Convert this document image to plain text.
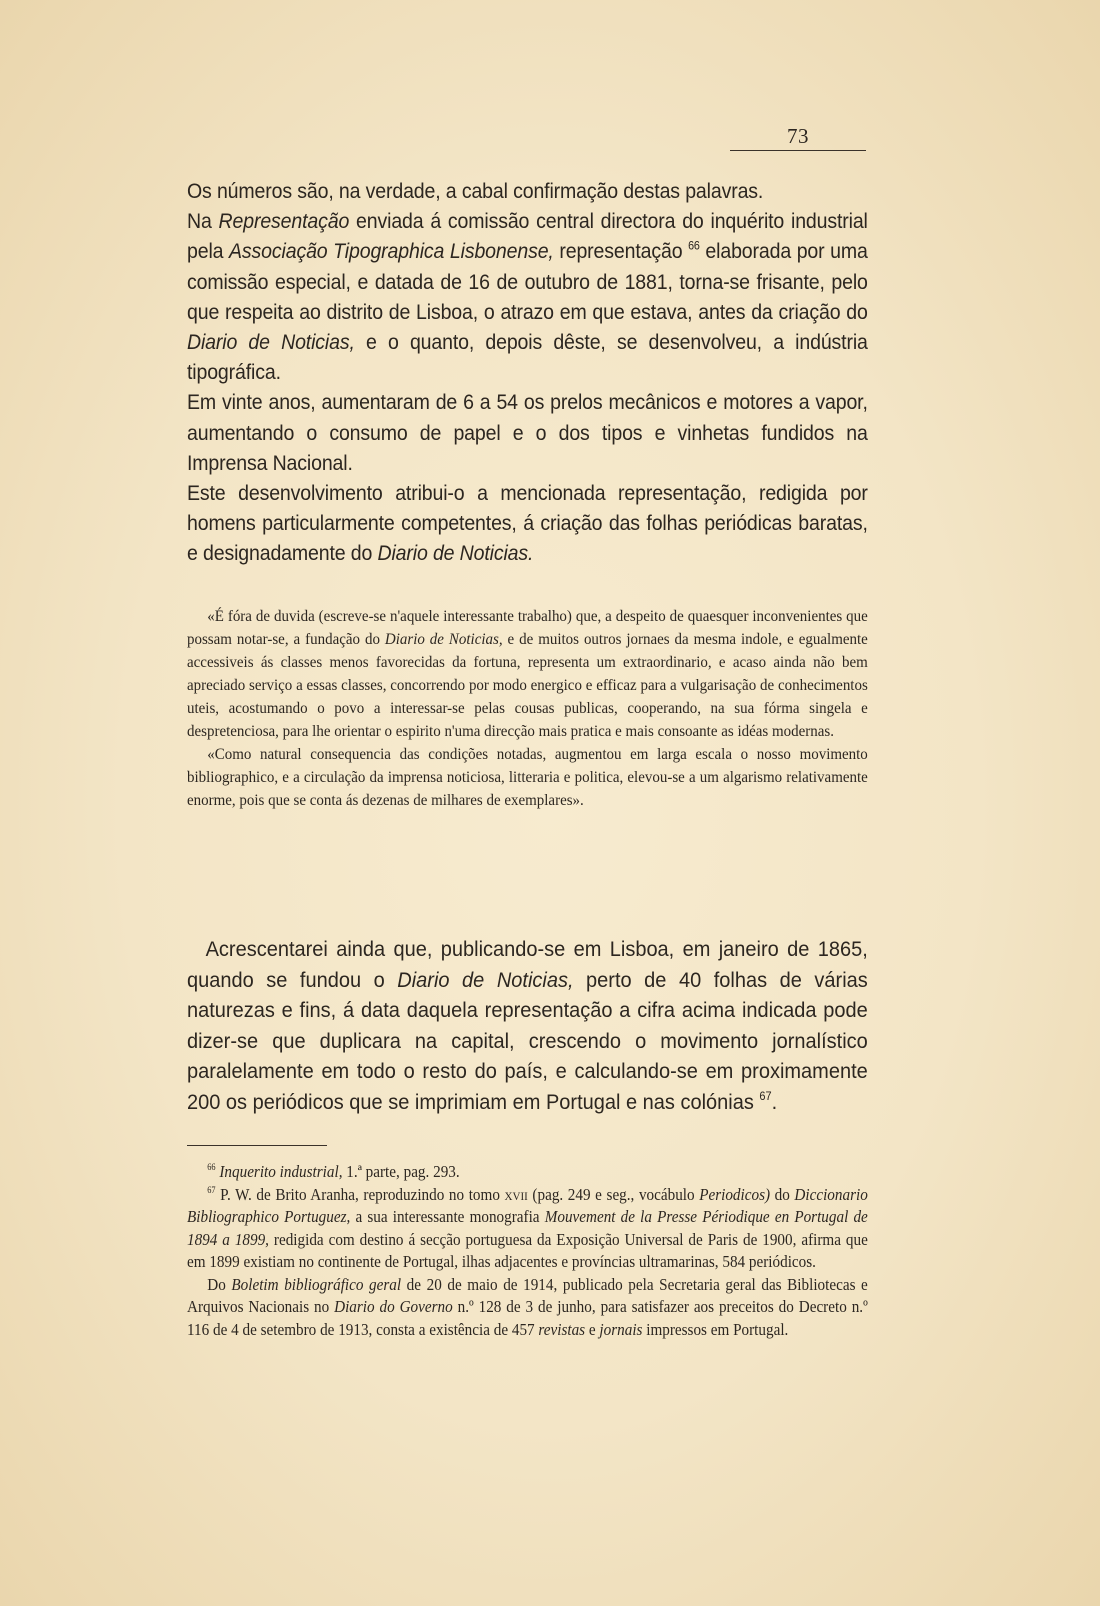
73

Os números são, na verdade, a cabal confirmação destas palavras.

Na Representação enviada á comissão central directora do inquérito industrial pela Associação Tipographica Lisbonense, representação $^{66}$ elaborada por uma comissão especial, e datada de 16 de outubro de 1881, torna-se frisante, pelo que respeita ao distrito de Lisboa, o atrazo em que estava, antes da criação do Diario de Noticias, e o quanto, depois dêste, se desenvolveu, a indústria tipográfica.

Em vinte anos, aumentaram de 6 a 54 os prelos mecânicos e motores a vapor, aumentando o consumo de papel e o dos tipos e vinhetas fundidos na Imprensa Nacional.

Este desenvolvimento atribui-o a mencionada representação, redigida por homens particularmente competentes, á criação das folhas periódicas baratas, e designadamente do Diario de Noticias.

«É fóra de duvida (escreve-se n'aquele interessante trabalho) que, a despeito de quaesquer inconvenientes que possam notar-se, a fundação do Diario de Noticias, e de muitos outros jornaes da mesma indole, e egualmente accessiveis ás classes menos favorecidas da fortuna, representa um extraordinario, e acaso ainda não bem apreciado serviço a essas classes, concorrendo por modo energico e efficaz para a vulgarisação de conhecimentos uteis, acostumando o povo a interessar-se pelas cousas publicas, cooperando, na sua fórma singela e despretenciosa, para lhe orientar o espirito n'uma direcção mais pratica e mais consoante as idéas modernas.

«Como natural consequencia das condições notadas, augmentou em larga escala o nosso movimento bibliographico, e a circulação da imprensa noticiosa, litteraria e politica, elevou-se a um algarismo relativamente enorme, pois que se conta ás dezenas de milhares de exemplares».

Acrescentarei ainda que, publicando-se em Lisboa, em janeiro de 1865, quando se fundou o Diario de Noticias, perto de 40 folhas de várias naturezas e fins, á data daquela representação a cifra acima indicada pode dizer-se que duplicara na capital, crescendo o movimento jornalístico paralelamente em todo o resto do país, e calculando-se em proximamente 200 os periódicos que se imprimiam em Portugal e nas colónias $^{67}$.

$^{66}$ Inquerito industrial, 1.ª parte, pag. 293.

$^{67}$ P. W. de Brito Aranha, reproduzindo no tomo xvii (pag. 249 e seg., vocábulo Periodicos) do Diccionario Bibliographico Portuguez, a sua interessante monografia Mouvement de la Presse Périodique en Portugal de 1894 a 1899, redigida com destino á secção portuguesa da Exposição Universal de Paris de 1900, afirma que em 1899 existiam no continente de Portugal, ilhas adjacentes e províncias ultramarinas, 584 periódicos.

Do Boletim bibliográfico geral de 20 de maio de 1914, publicado pela Secretaria geral das Bibliotecas e Arquivos Nacionais no Diario do Governo n.º 128 de 3 de junho, para satisfazer aos preceitos do Decreto n.º 116 de 4 de setembro de 1913, consta a existência de 457 revistas e jornais impressos em Portugal.
